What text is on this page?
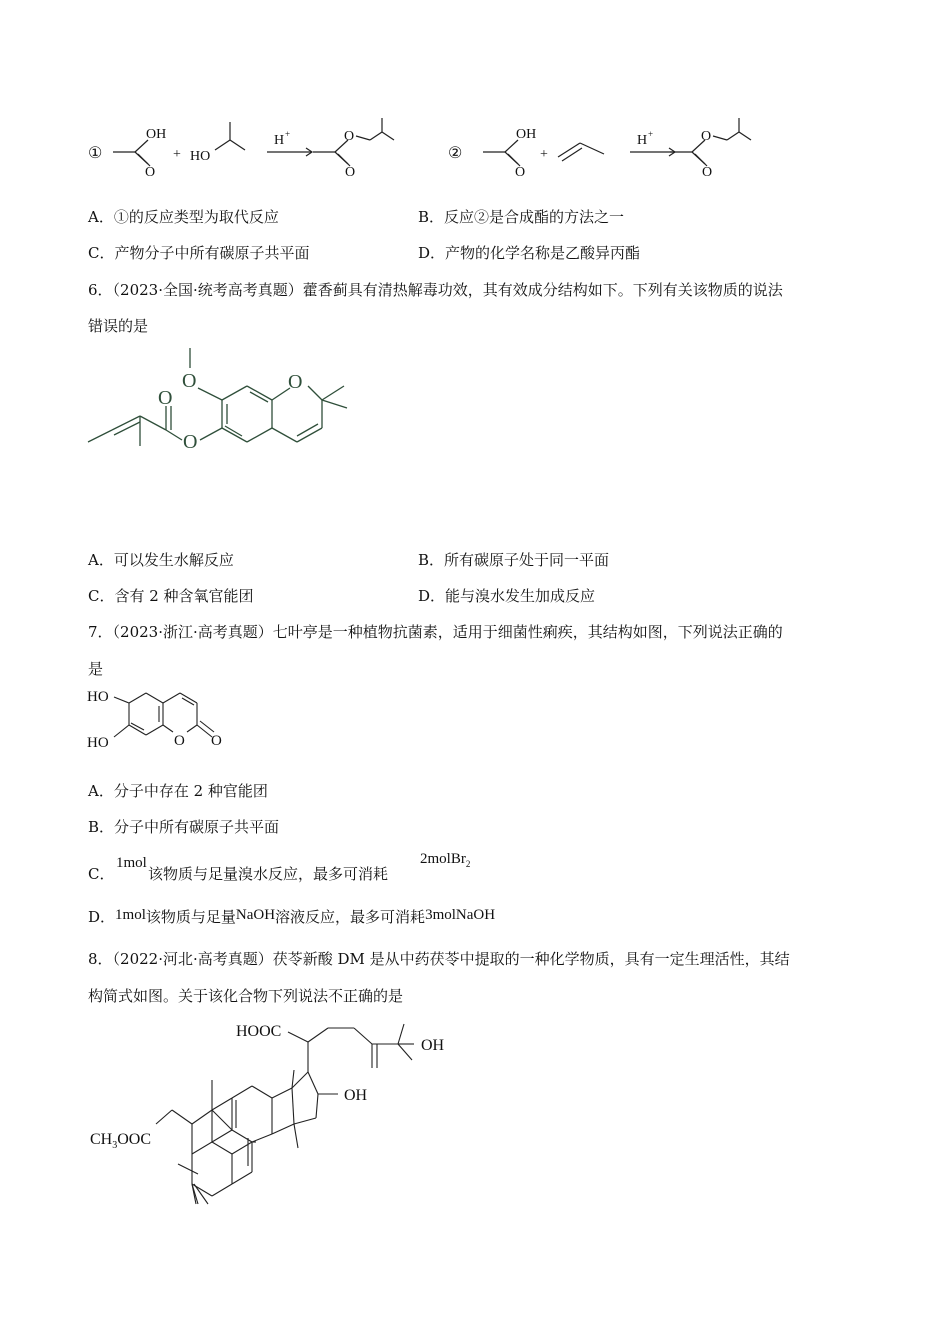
①
OH
O
+ HO
H +	O
O
②
OH
O
+
H +	O
O
A．①的反应类型为取代反应	B．反应②是合成酯的方法之一
C．产物分子中所有碳原子共平面	D．产物的化学名称是乙酸异丙酯
6．（2023·全国·统考高考真题）藿香蓟具有清热解毒功效，其有效成分结构如下。下列有关该物质的说法
错误的是
O	O
O
O
A．可以发生水解反应	B．所有碳原子处于同一平面
C．含有 2 种含氧官能团	D．能与溴水发生加成反应
7．（2023·浙江·高考真题）七叶亭是一种植物抗菌素，适用于细菌性痢疾，其结构如图，下列说法正确的
是
HO
HO	O O
A．分子中存在 2 种官能团
B．分子中所有碳原子共平面
C．
1mol
该物质与足量溴水反应，最多可消耗
2molBr$_2$
D．1mol该物质与足量NaOH溶液反应，最多可消耗3molNaOH
8．（2022·河北·高考真题）茯苓新酸 DM 是从中药茯苓中提取的一种化学物质，具有一定生理活性，其结
构简式如图。关于该化合物下列说法不正确的是
HOOC
OH
OH
$CH_3OOC$
